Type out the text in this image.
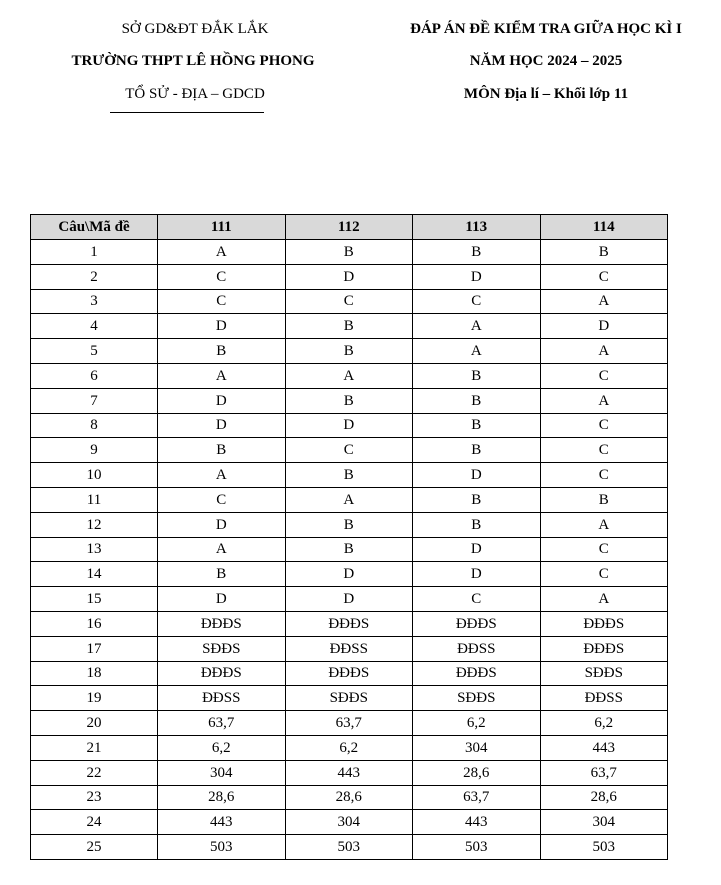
SỞ GD&ĐT ĐẮK LẮK
TRƯỜNG THPT LÊ HỒNG PHONG
TỔ SỬ - ĐỊA – GDCD
ĐÁP ÁN ĐỀ KIỂM TRA GIỮA HỌC KÌ I
NĂM HỌC 2024 – 2025
MÔN Địa lí – Khối lớp 11
Câu\Mã đề	111	112	113	114
1	A	B	B	B
2	C	D	D	C
3	C	C	C	A
4	D	B	A	D
5	B	B	A	A
6	A	A	B	C
7	D	B	B	A
8	D	D	B	C
9	B	C	B	C
10	A	B	D	C
11	C	A	B	B
12	D	B	B	A
13	A	B	D	C
14	B	D	D	C
15	D	D	C	A
16	ĐĐĐS	ĐĐĐS	ĐĐĐS	ĐĐĐS
17	SĐĐS	ĐĐSS	ĐĐSS	ĐĐĐS
18	ĐĐĐS	ĐĐĐS	ĐĐĐS	SĐĐS
19	ĐĐSS	SĐĐS	SĐĐS	ĐĐSS
20	63,7	63,7	6,2	6,2
21	6,2	6,2	304	443
22	304	443	28,6	63,7
23	28,6	28,6	63,7	28,6
24	443	304	443	304
25	503	503	503	503
